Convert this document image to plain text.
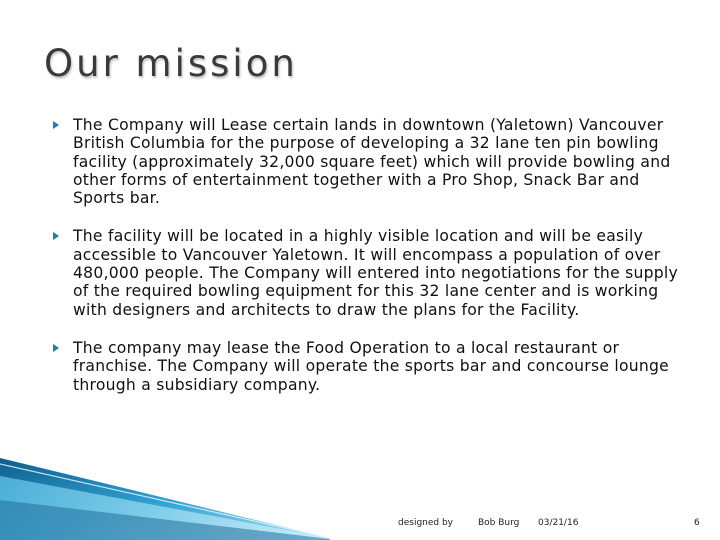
Our mission
The Company will Lease certain lands in downtown (Yaletown) Vancouver British Columbia for the purpose of developing a 32 lane ten pin bowling facility (approximately 32,000 square feet) which will provide bowling and other forms of entertainment together with a Pro Shop, Snack Bar and Sports bar.
The facility will be located in a highly visible location and will be easily accessible to Vancouver Yaletown. It will encompass a population of over 480,000 people. The Company will entered into negotiations for the supply of the required bowling equipment for this 32 lane center and is working with designers and architects to draw the plans for the Facility.
The company may lease the Food Operation to a local restaurant or franchise. The Company will operate the sports bar and concourse lounge through a subsidiary company.
designed by	Bob Burg 03/21/16	6
